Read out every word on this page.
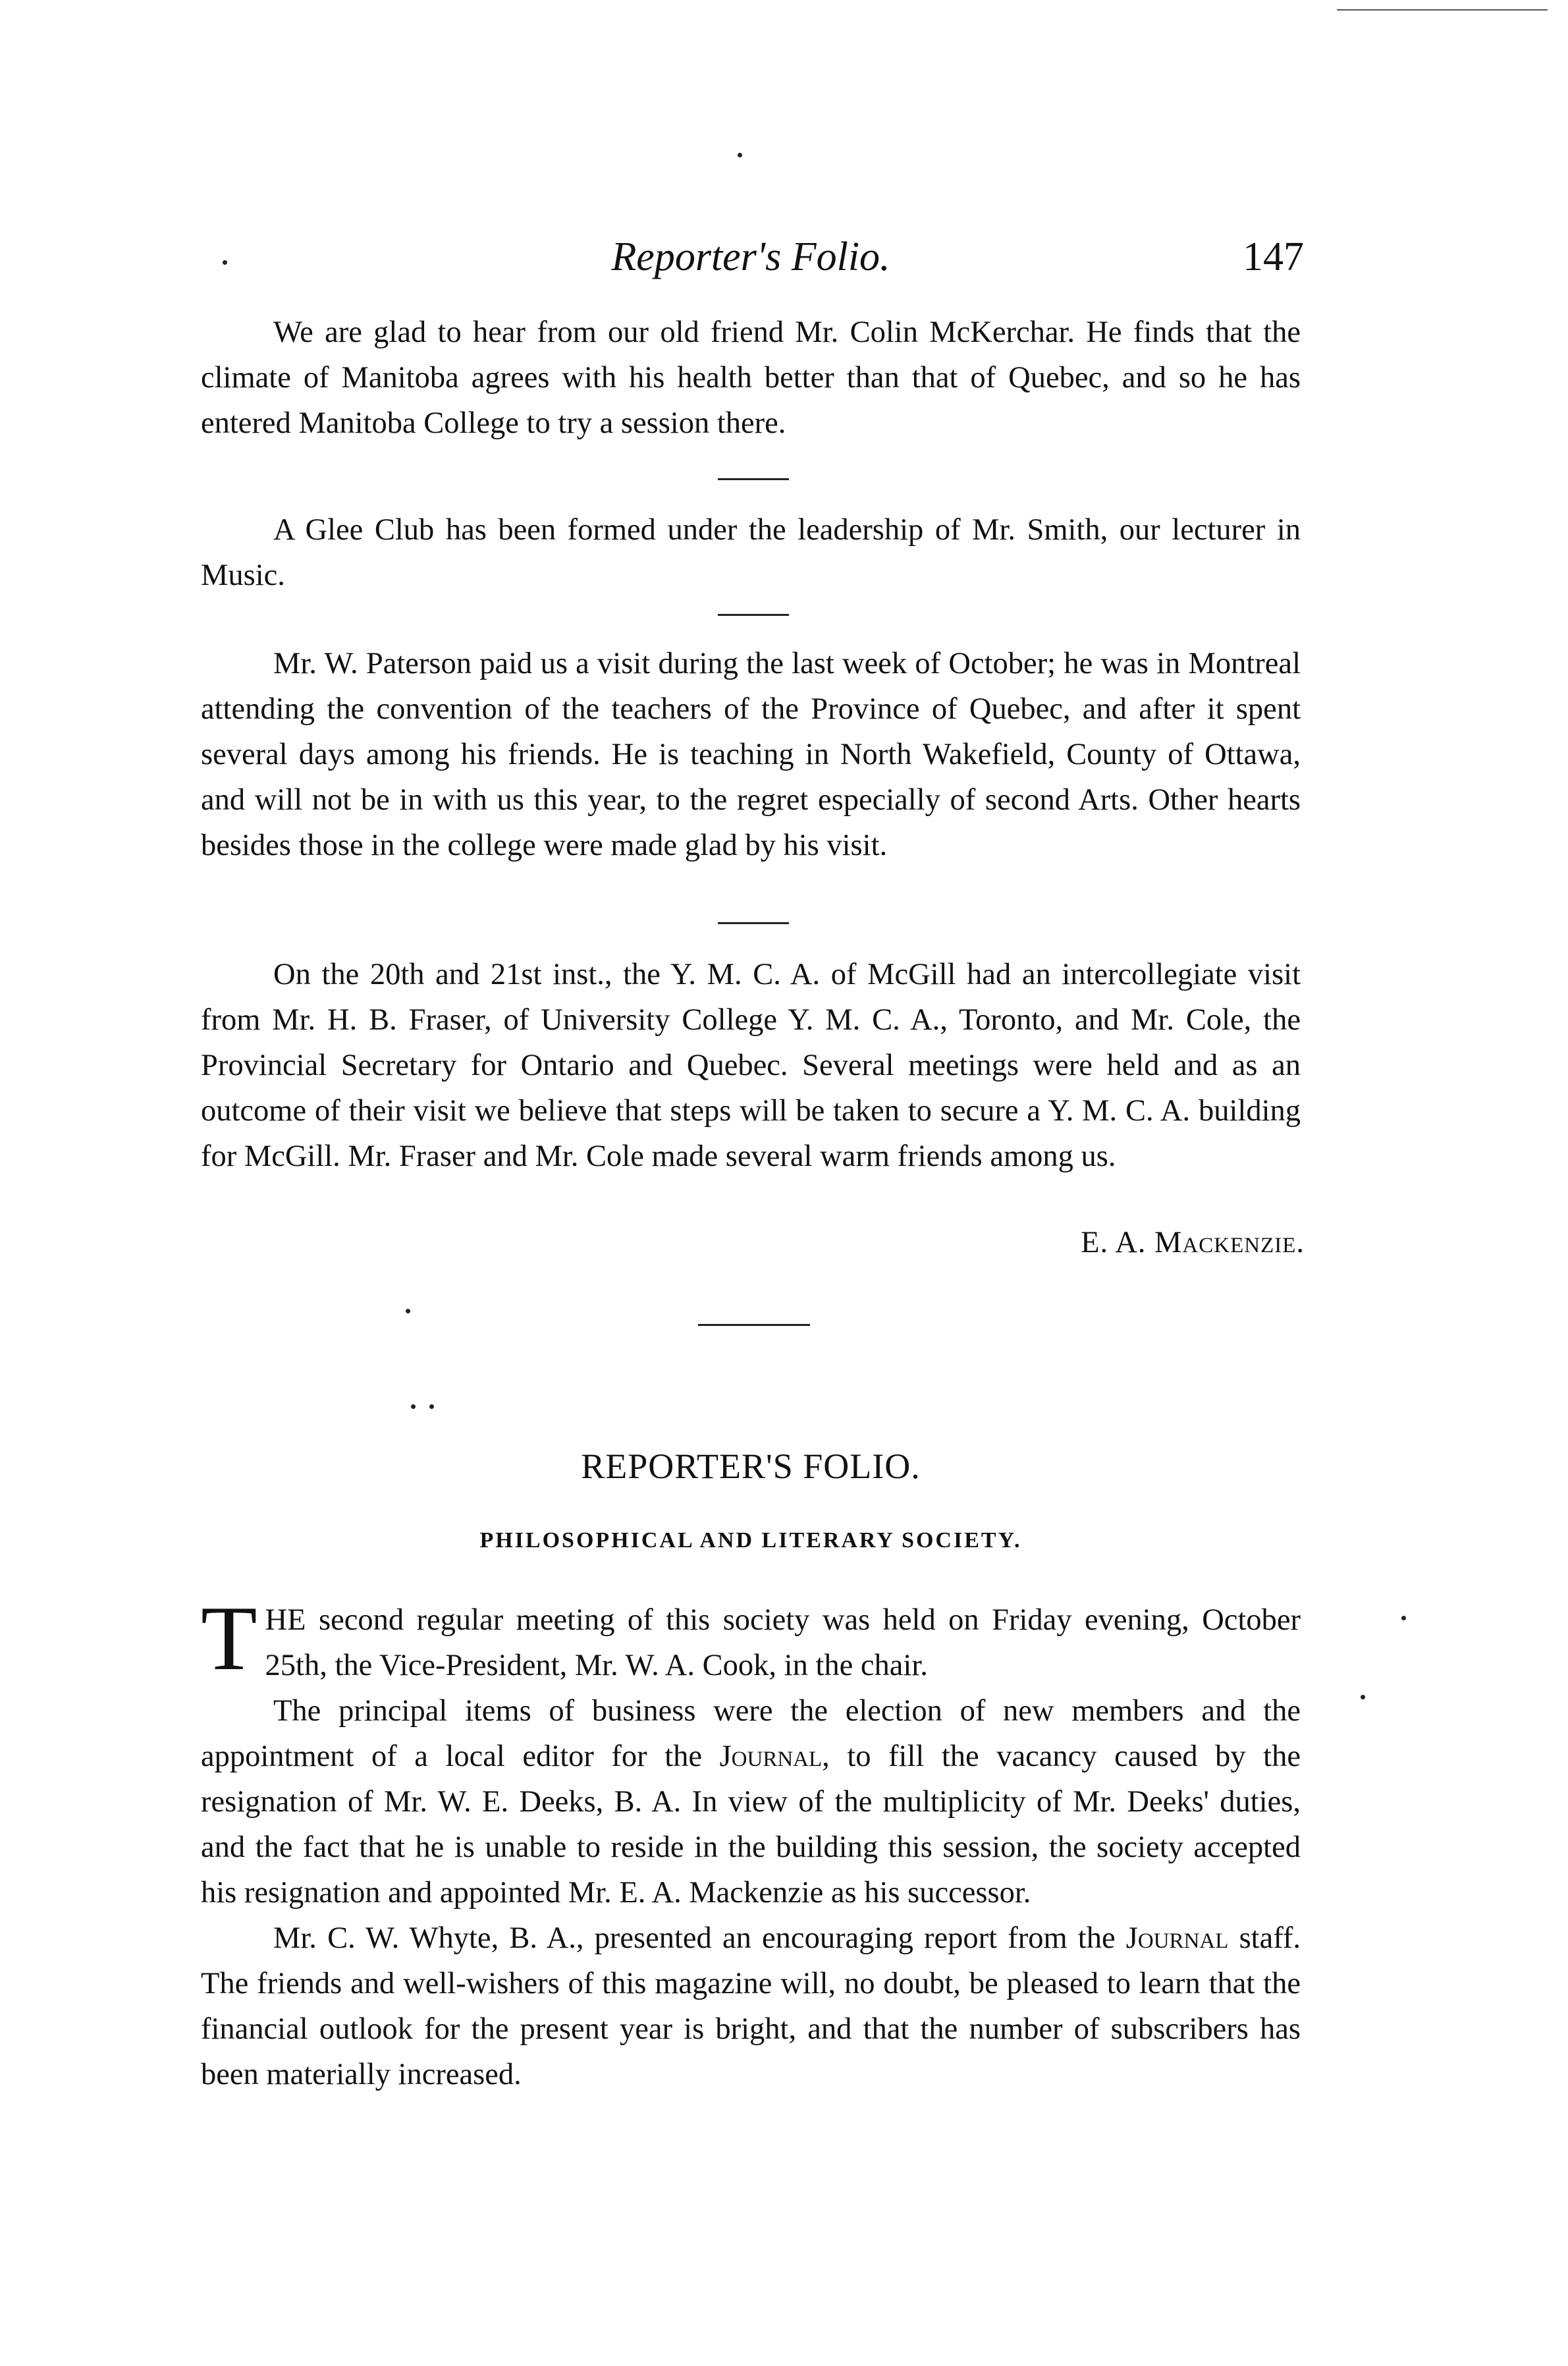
Reporter's Folio.	147

We are glad to hear from our old friend Mr. Colin McKerchar. He finds that the climate of Manitoba agrees with his health better than that of Quebec, and so he has entered Manitoba College to try a session there.

A Glee Club has been formed under the leadership of Mr. Smith, our lecturer in Music.

Mr. W. Paterson paid us a visit during the last week of October; he was in Montreal attending the convention of the teachers of the Province of Quebec, and after it spent several days among his friends. He is teaching in North Wakefield, County of Ottawa, and will not be in with us this year, to the regret especially of second Arts. Other hearts besides those in the college were made glad by his visit.

On the 20th and 21st inst., the Y. M. C. A. of McGill had an intercollegiate visit from Mr. H. B. Fraser, of University College Y. M. C. A., Toronto, and Mr. Cole, the Provincial Secretary for Ontario and Quebec. Several meetings were held and as an outcome of their visit we believe that steps will be taken to secure a Y. M. C. A. building for McGill. Mr. Fraser and Mr. Cole made several warm friends among us.

E. A. Mackenzie.
REPORTER'S FOLIO.
PHILOSOPHICAL AND LITERARY SOCIETY.

THE second regular meeting of this society was held on Friday evening, October 25th, the Vice-President, Mr. W. A. Cook, in the chair.

The principal items of business were the election of new members and the appointment of a local editor for the Journal, to fill the vacancy caused by the resignation of Mr. W. E. Deeks, B. A. In view of the multiplicity of Mr. Deeks' duties, and the fact that he is unable to reside in the building this session, the society accepted his resignation and appointed Mr. E. A. Mackenzie as his successor.

Mr. C. W. Whyte, B. A., presented an encouraging report from the Journal staff. The friends and well-wishers of this magazine will, no doubt, be pleased to learn that the financial outlook for the present year is bright, and that the number of subscribers has been materially increased.
